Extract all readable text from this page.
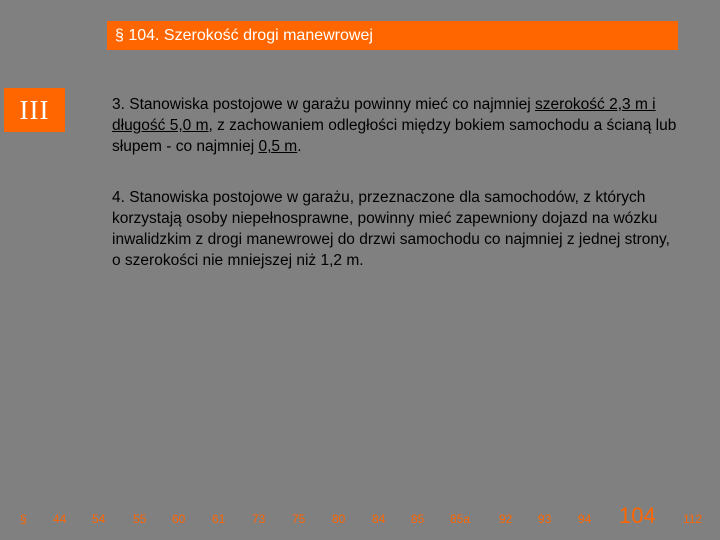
§ 104. Szerokość drogi manewrowej
III	3. Stanowiska postojowe w garażu powinny mieć co najmniej szerokość 2,3 m i długość 5,0 m, z zachowaniem odległości między bokiem samochodu a ścianą lub słupem - co najmniej 0,5 m.

4. Stanowiska postojowe w garażu, przeznaczone dla samochodów, z których korzystają osoby niepełnosprawne, powinny mieć zapewniony dojazd na wózku inwalidzkim z drogi manewrowej do drzwi samochodu co najmniej z jednej strony, o szerokości nie mniejszej niż 1,2 m.

§ 44 54 55 60 61 73 75 80 84 85 85a 92 93 94 104 112
